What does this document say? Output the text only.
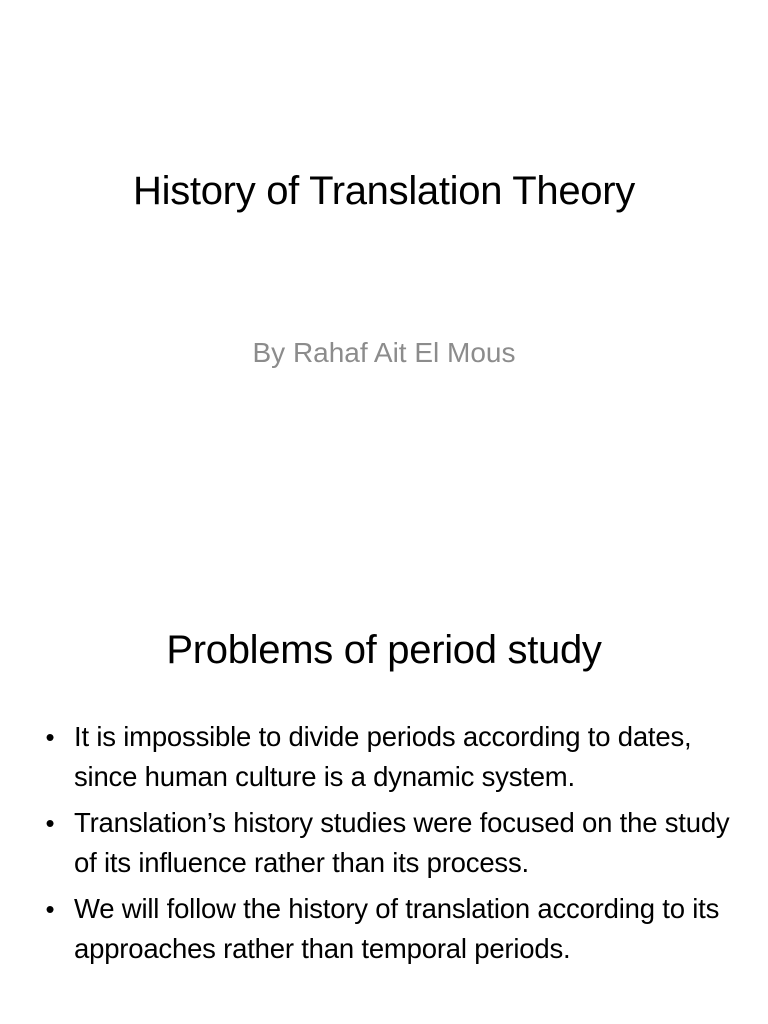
History of Translation Theory
By Rahaf Ait El Mous
Problems of period study
• It is impossible to divide periods according to dates, since human culture is a dynamic system.
• Translation’s history studies were focused on the study of its influence rather than its process.
• We will follow the history of translation according to its approaches rather than temporal periods.
